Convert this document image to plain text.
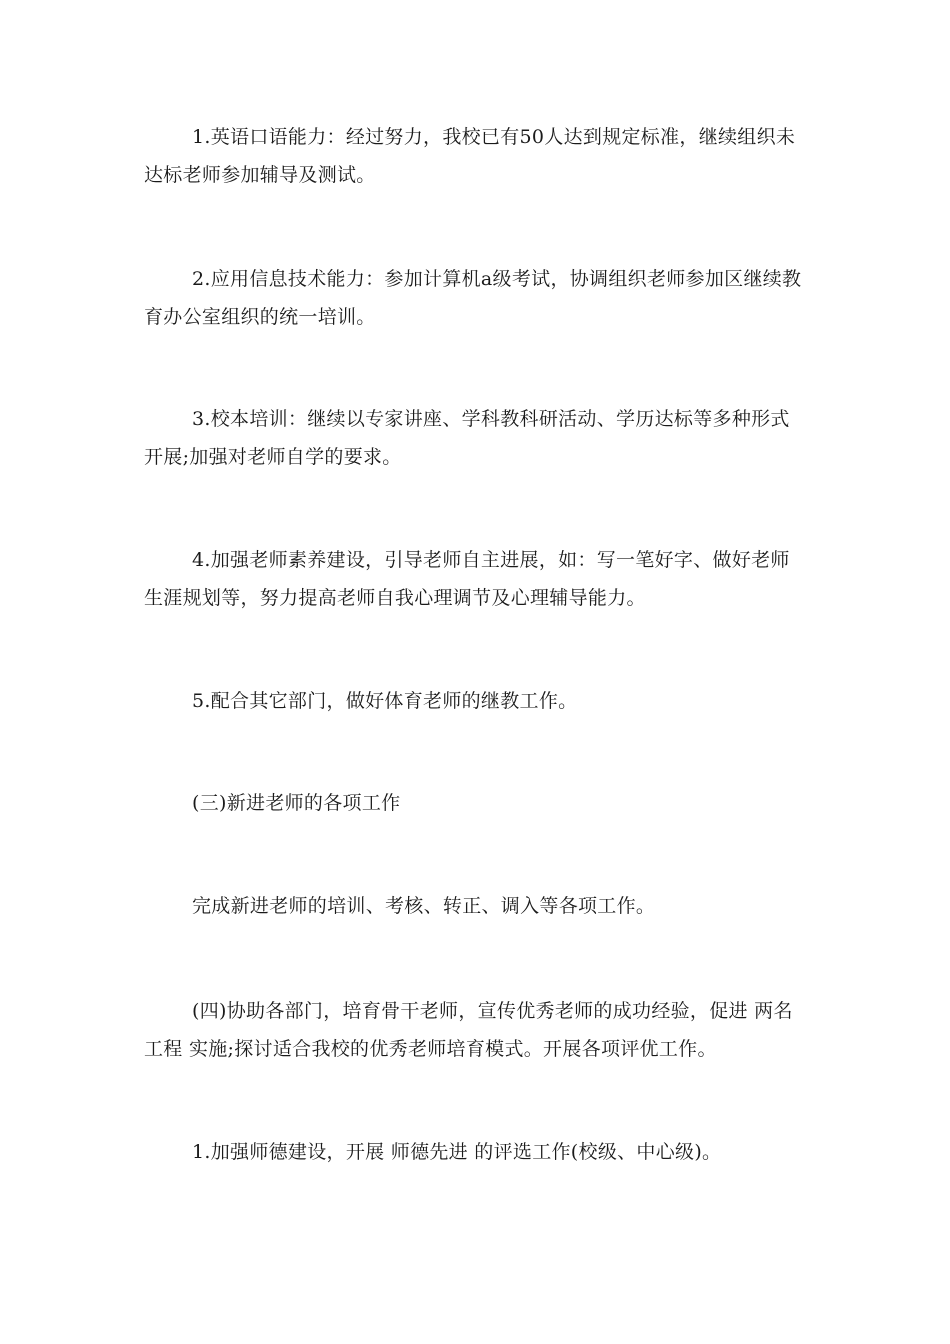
1.英语口语能力：经过努力，我校已有50人达到规定标准，继续组织未达标老师参加辅导及测试。

2.应用信息技术能力：参加计算机a级考试，协调组织老师参加区继续教育办公室组织的统一培训。

3.校本培训：继续以专家讲座、学科教科研活动、学历达标等多种形式开展;加强对老师自学的要求。

4.加强老师素养建设，引导老师自主进展，如：写一笔好字、做好老师生涯规划等，努力提高老师自我心理调节及心理辅导能力。

5.配合其它部门，做好体育老师的继教工作。

(三)新进老师的各项工作

完成新进老师的培训、考核、转正、调入等各项工作。

(四)协助各部门，培育骨干老师，宣传优秀老师的成功经验，促进 两名工程 实施;探讨适合我校的优秀老师培育模式。开展各项评优工作。

1.加强师德建设，开展 师德先进 的评选工作(校级、中心级)。
